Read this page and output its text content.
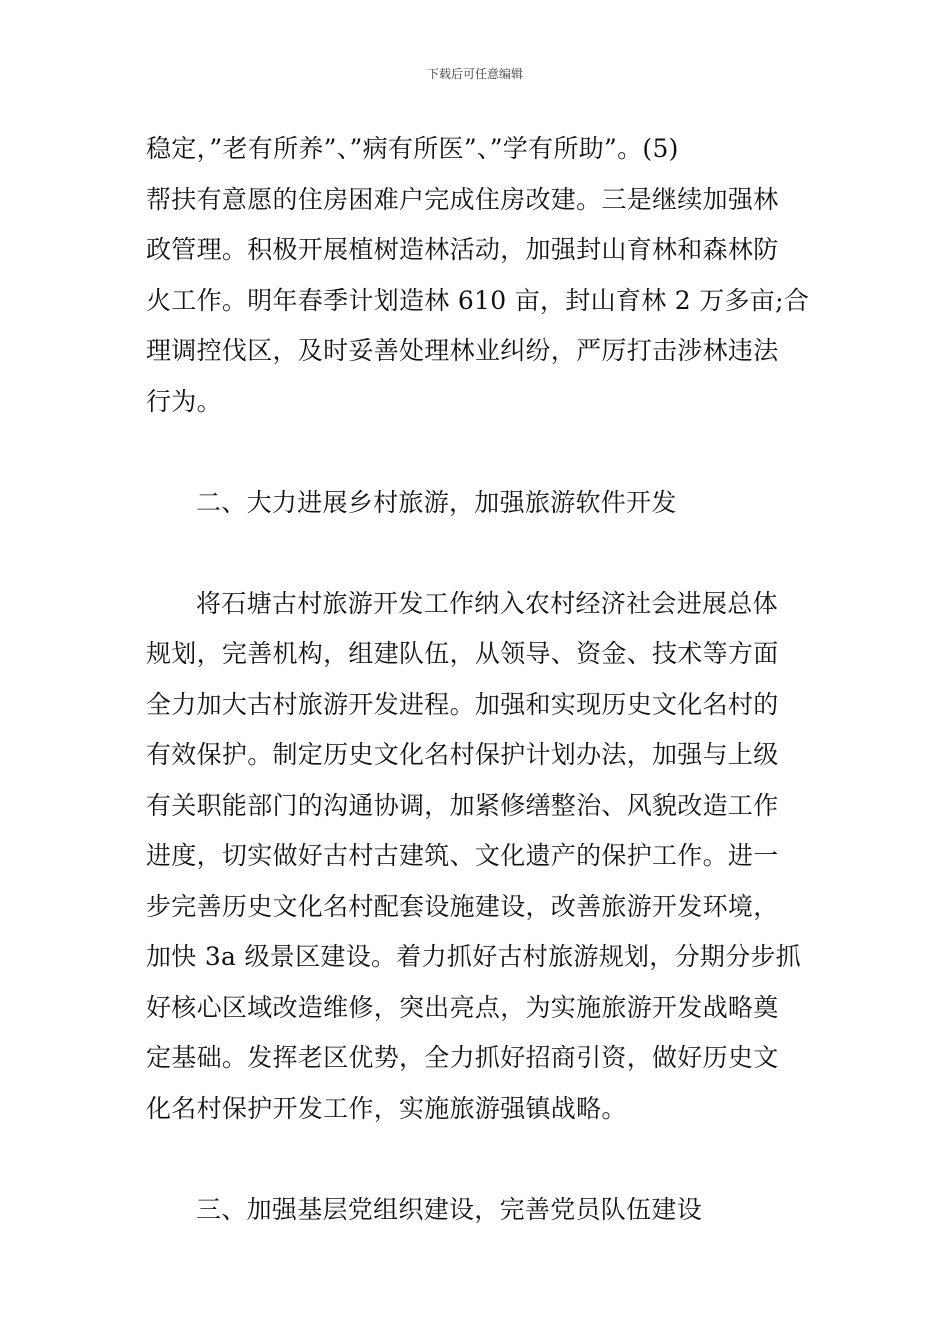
下载后可任意编辑
稳定，”老有所养”、”病有所医”、”学有所助”。(5)
帮扶有意愿的住房困难户完成住房改建。三是继续加强林
政管理。积极开展植树造林活动，加强封山育林和森林防
火工作。明年春季计划造林 610 亩，封山育林 2 万多亩;合
理调控伐区，及时妥善处理林业纠纷，严厉打击涉林违法
行为。
二、大力进展乡村旅游，加强旅游软件开发
将石塘古村旅游开发工作纳入农村经济社会进展总体
规划，完善机构，组建队伍，从领导、资金、技术等方面
全力加大古村旅游开发进程。加强和实现历史文化名村的
有效保护。制定历史文化名村保护计划办法，加强与上级
有关职能部门的沟通协调，加紧修缮整治、风貌改造工作
进度，切实做好古村古建筑、文化遗产的保护工作。进一
步完善历史文化名村配套设施建设，改善旅游开发环境，
加快 3a 级景区建设。着力抓好古村旅游规划，分期分步抓
好核心区域改造维修，突出亮点，为实施旅游开发战略奠
定基础。发挥老区优势，全力抓好招商引资，做好历史文
化名村保护开发工作，实施旅游强镇战略。
三、加强基层党组织建设，完善党员队伍建设
